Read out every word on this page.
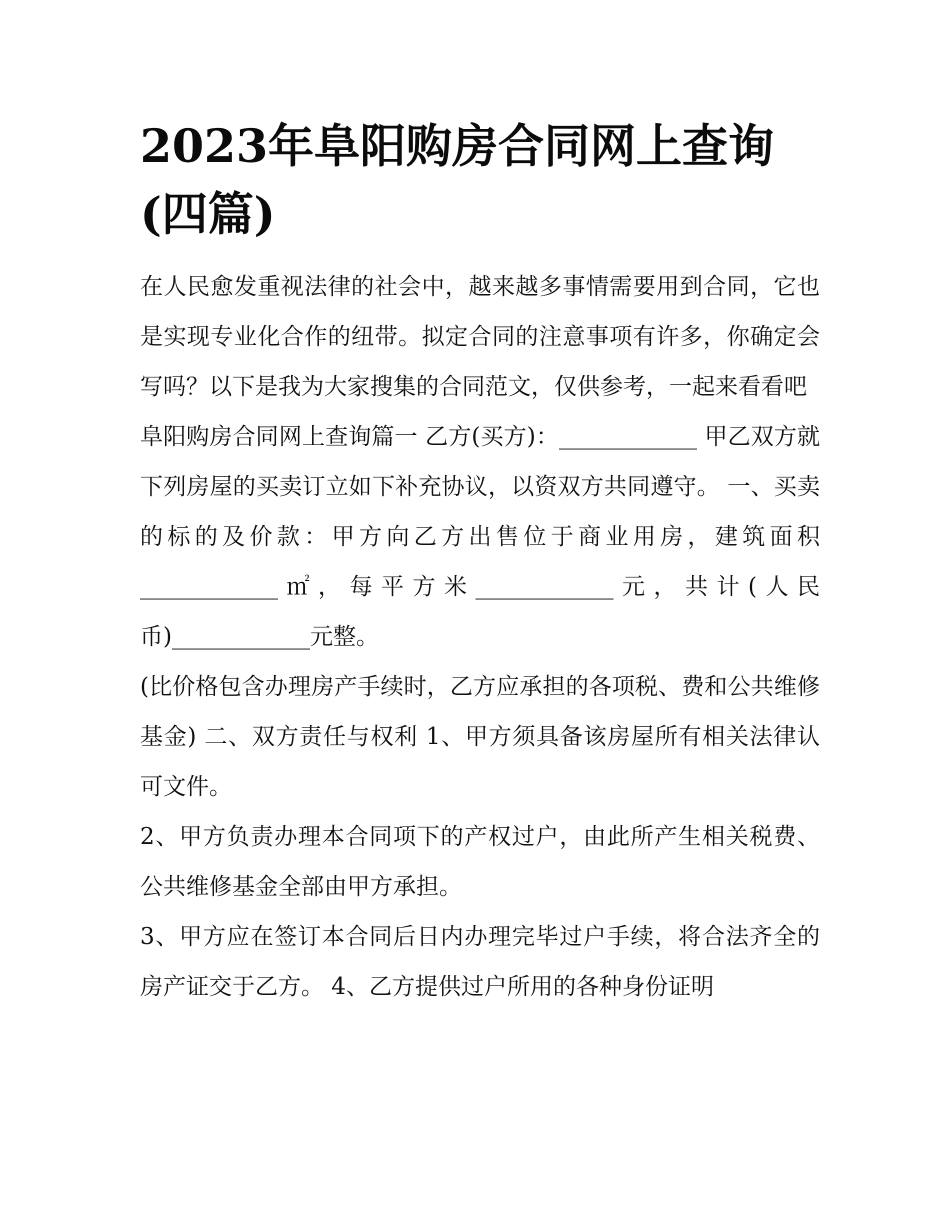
2023年阜阳购房合同网上查询(四篇)

在人民愈发重视法律的社会中，越来越多事情需要用到合同，它也是实现专业化合作的纽带。拟定合同的注意事项有许多，你确定会写吗？以下是我为大家搜集的合同范文，仅供参考，一起来看看吧

阜阳购房合同网上查询篇一 乙方(买方)：____________ 甲乙双方就下列房屋的买卖订立如下补充协议，以资双方共同遵守。 一、买卖的标的及价款：甲方向乙方出售位于商业用房，建筑面积____________㎡，每平方米____________元，共计(人民币)____________元整。

(比价格包含办理房产手续时，乙方应承担的各项税、费和公共维修基金) 二、双方责任与权利 1、甲方须具备该房屋所有相关法律认可文件。

2、甲方负责办理本合同项下的产权过户，由此所产生相关税费、公共维修基金全部由甲方承担。

3、甲方应在签订本合同后日内办理完毕过户手续，将合法齐全的房产证交于乙方。 4、乙方提供过户所用的各种身份证明
